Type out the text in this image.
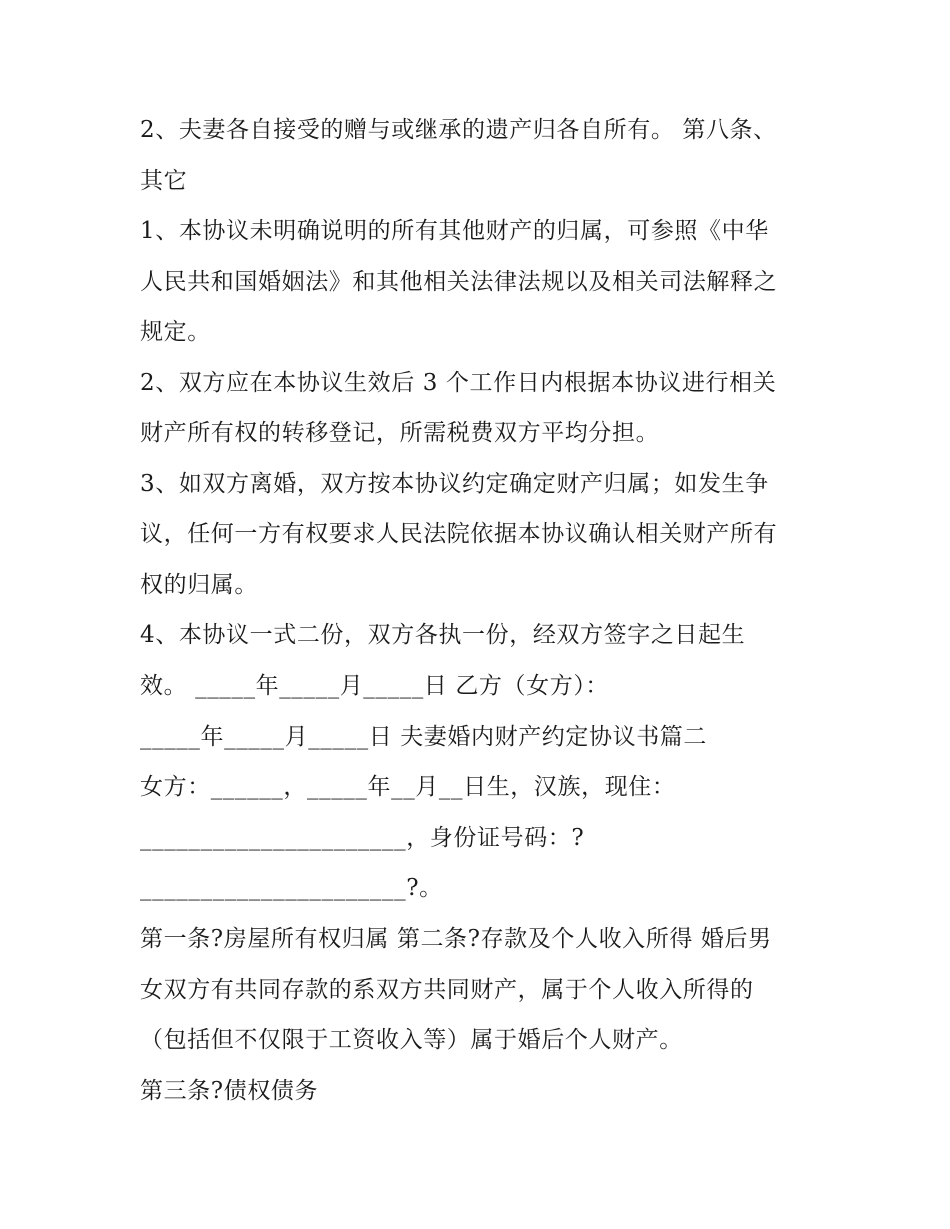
2、夫妻各自接受的赠与或继承的遗产归各自所有。 第八条、

其它

1、本协议未明确说明的所有其他财产的归属，可参照《中华

人民共和国婚姻法》和其他相关法律法规以及相关司法解释之

规定。

2、双方应在本协议生效后 3 个工作日内根据本协议进行相关

财产所有权的转移登记，所需税费双方平均分担。

3、如双方离婚，双方按本协议约定确定财产归属；如发生争

议，任何一方有权要求人民法院依据本协议确认相关财产所有

权的归属。

4、本协议一式二份，双方各执一份，经双方签字之日起生

效。 _____年_____月_____日 乙方（女方）：

_____年_____月_____日 夫妻婚内财产约定协议书篇二

女方：______，_____年__月__日生，汉族，现住：

______________________，身份证号码：?

______________________?。

第一条?房屋所有权归属 第二条?存款及个人收入所得 婚后男

女双方有共同存款的系双方共同财产，属于个人收入所得的

（包括但不仅限于工资收入等）属于婚后个人财产。

第三条?债权债务
